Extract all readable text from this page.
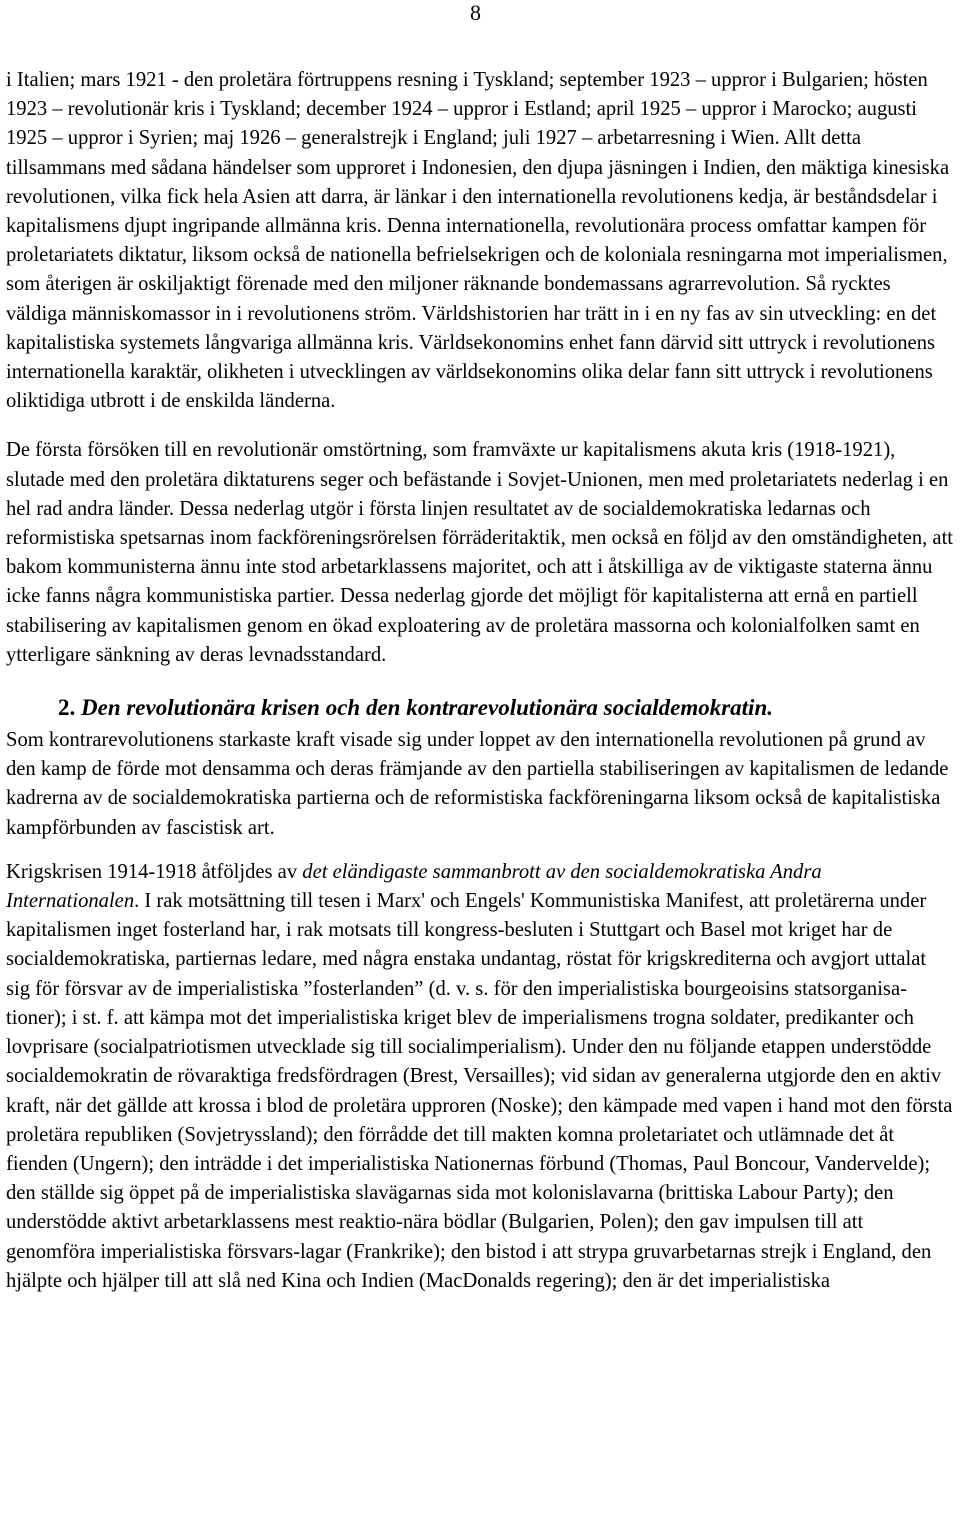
8

i Italien; mars 1921 - den proletära förtruppens resning i Tyskland; september 1923 – uppror i Bulgarien; hösten 1923 – revolutionär kris i Tyskland; december 1924 – uppror i Estland; april 1925 – uppror i Marocko; augusti 1925 – uppror i Syrien; maj 1926 – generalstrejk i England; juli 1927 – arbetarresning i Wien. Allt detta tillsammans med sådana händelser som upproret i Indonesien, den djupa jäsningen i Indien, den mäktiga kinesiska revolutionen, vilka fick hela Asien att darra, är länkar i den internationella revolutionens kedja, är beståndsdelar i kapitalismens djupt ingripande allmänna kris. Denna internationella, revolutionära process omfattar kampen för proletariatets diktatur, liksom också de nationella befrielsekrigen och de koloniala resningarna mot imperialismen, som återigen är oskiljaktigt förenade med den miljoner räknande bondemassans agrarrevolution. Så rycktes väldiga människomassor in i revolutionens ström. Världshistorien har trätt in i en ny fas av sin utveckling: en det kapitalistiska systemets långvariga allmänna kris. Världsekonomins enhet fann därvid sitt uttryck i revolutionens internationella karaktär, olikheten i utvecklingen av världsekonomins olika delar fann sitt uttryck i revolutionens oliktidiga utbrott i de enskilda länderna.

De första försöken till en revolutionär omstörtning, som framväxte ur kapitalismens akuta kris (1918-1921), slutade med den proletära diktaturens seger och befästande i Sovjet-Unionen, men med proletariatets nederlag i en hel rad andra länder. Dessa nederlag utgör i första linjen resultatet av de socialdemokratiska ledarnas och reformistiska spetsarnas inom fackföreningsrörelsen förräderitaktik, men också en följd av den omständigheten, att bakom kommunisterna ännu inte stod arbetarklassens majoritet, och att i åtskilliga av de viktigaste staterna ännu icke fanns några kommunistiska partier. Dessa nederlag gjorde det möjligt för kapitalisterna att ernå en partiell stabilisering av kapitalismen genom en ökad exploatering av de proletära massorna och kolonialfolken samt en ytterligare sänkning av deras levnadsstandard.

2. Den revolutionära krisen och den kontrarevolutionära socialdemokratin.

Som kontrarevolutionens starkaste kraft visade sig under loppet av den internationella revolutionen på grund av den kamp de förde mot densamma och deras främjande av den partiella stabiliseringen av kapitalismen de ledande kadrerna av de socialdemokratiska partierna och de reformistiska fackföreningarna liksom också de kapitalistiska kampförbunden av fascistisk art.

Krigskrisen 1914-1918 åtföljdes av det eländigaste sammanbrott av den socialdemokratiska Andra Internationalen. I rak motsättning till tesen i Marx' och Engels' Kommunistiska Manifest, att proletärerna under kapitalismen inget fosterland har, i rak motsats till kongress-besluten i Stuttgart och Basel mot kriget har de socialdemokratiska, partiernas ledare, med några enstaka undantag, röstat för krigskrediterna och avgjort uttalat sig för försvar av de imperialistiska ”fosterlanden” (d. v. s. för den imperialistiska bourgeoisins statsorganisa-tioner); i st. f. att kämpa mot det imperialistiska kriget blev de imperialismens trogna soldater, predikanter och lovprisare (socialpatriotismen utvecklade sig till socialimperialism). Under den nu följande etappen understödde socialdemokratin de rövaraktiga fredsfördragen (Brest, Versailles); vid sidan av generalerna utgjorde den en aktiv kraft, när det gällde att krossa i blod de proletära upproren (Noske); den kämpade med vapen i hand mot den första proletära republiken (Sovjetryssland); den förrådde det till makten komna proletariatet och utlämnade det åt fienden (Ungern); den inträdde i det imperialistiska Nationernas förbund (Thomas, Paul Boncour, Vandervelde); den ställde sig öppet på de imperialistiska slavägarnas sida mot kolonislavarna (brittiska Labour Party); den understödde aktivt arbetarklassens mest reaktio-nära bödlar (Bulgarien, Polen); den gav impulsen till att genomföra imperialistiska försvars-lagar (Frankrike); den bistod i att strypa gruvarbetarnas strejk i England, den hjälpte och hjälper till att slå ned Kina och Indien (MacDonalds regering); den är det imperialistiska
